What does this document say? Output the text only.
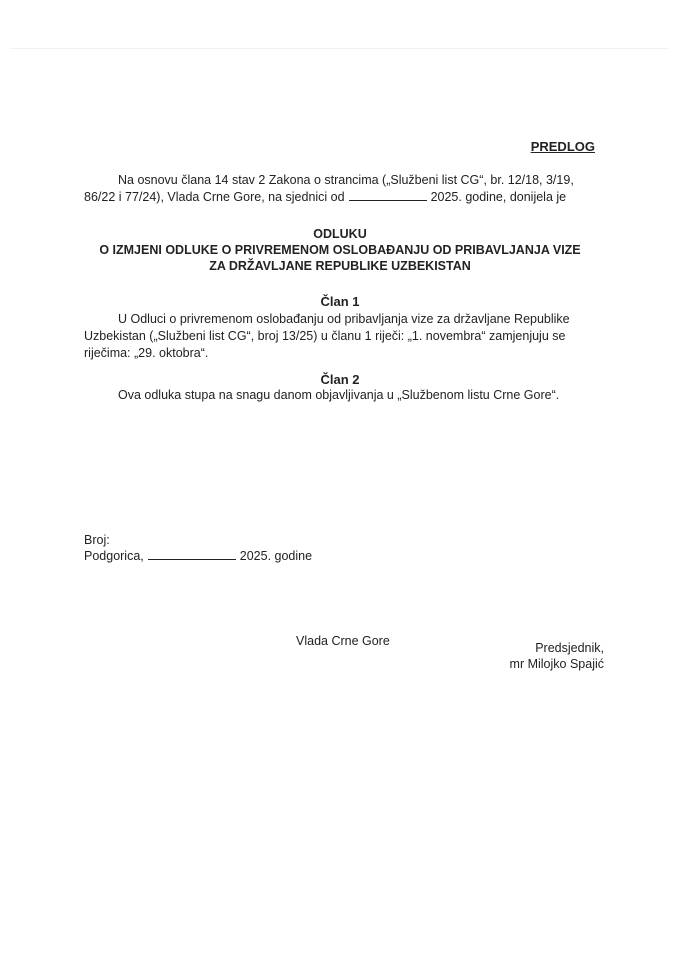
PREDLOG
Na osnovu člana 14 stav 2 Zakona o strancima („Službeni list CG“, br. 12/18, 3/19,
86/22 i 77/24), Vlada Crne Gore, na sjednici od	2025. godine, donijela je
ODLUKU
O IZMJENI ODLUKE O PRIVREMENOM OSLOBAĐANJU OD PRIBAVLJANJA VIZE
ZA DRŽAVLJANE REPUBLIKE UZBEKISTAN
Član 1
U Odluci o privremenom oslobađanju od pribavljanja vize za državljane Republike
Uzbekistan („Službeni list CG“, broj 13/25) u članu 1 riječi: „1. novembra“ zamjenjuju se
riječima: „29. oktobra“.
Član 2
Ova odluka stupa na snagu danom objavljivanja u „Službenom listu Crne Gore“.
Broj:
Podgorica,	2025. godine
Vlada Crne Gore	Predsjednik,
mr Milojko Spajić
